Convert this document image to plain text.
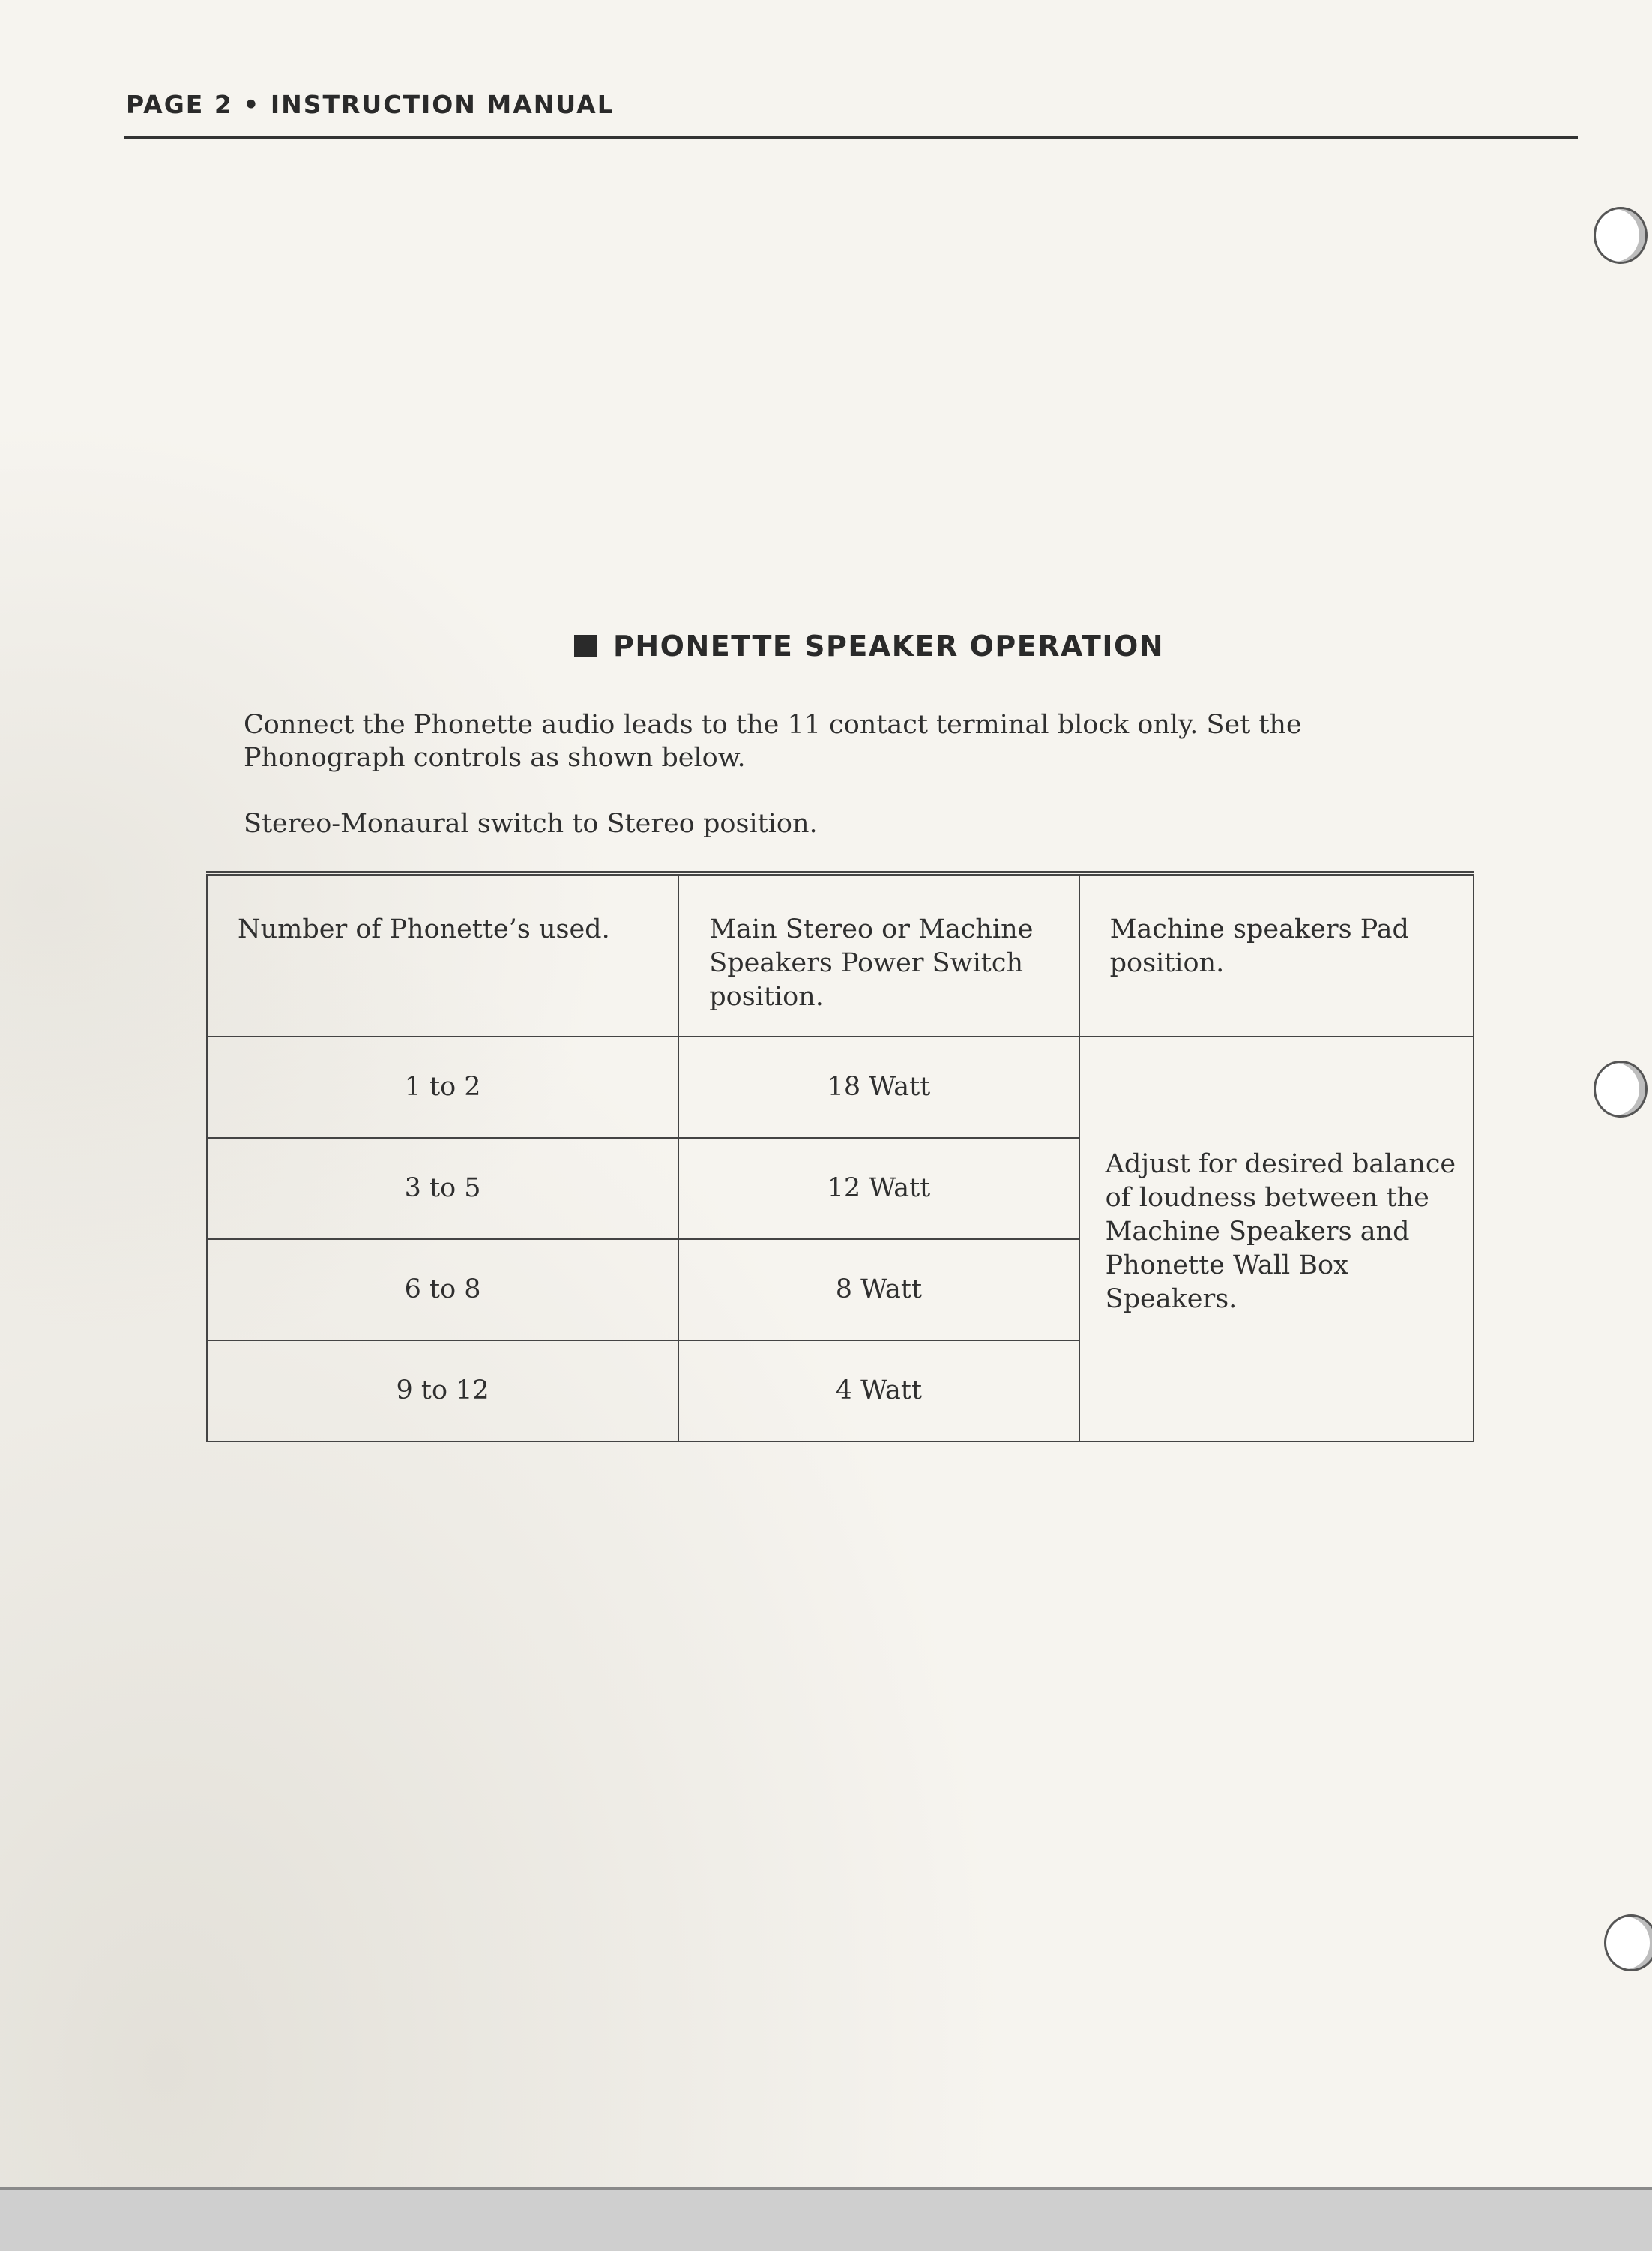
PAGE 2 • INSTRUCTION MANUAL
PHONETTE SPEAKER OPERATION

Connect the Phonette audio leads to the 11 contact terminal block only. Set the Phonograph controls as shown below.

Stereo-Monaural switch to Stereo position.

Number of Phonette’s used.	Main Stereo or Machine Speakers Power Switch position.	Machine speakers Pad position.
1 to 2	18 Watt	Adjust for desired balance of loudness between the Machine Speakers and Phonette Wall Box Speakers.
3 to 5	12 Watt	
6 to 8	8 Watt	
9 to 12	4 Watt	
